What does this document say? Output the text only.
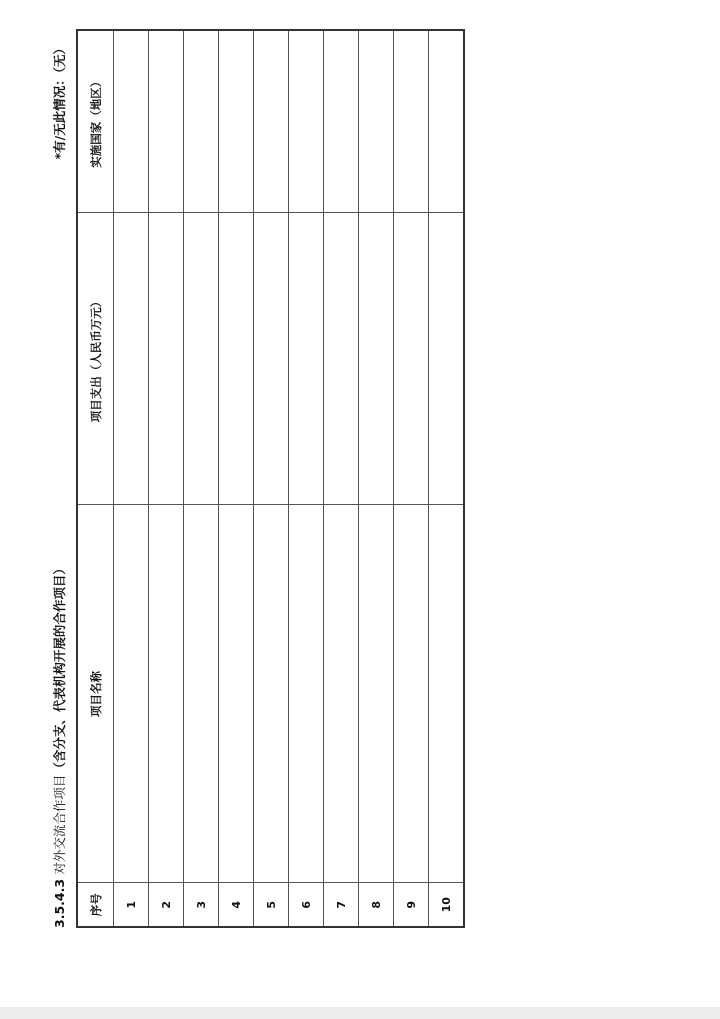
3.5.4.3 对外交流合作项目（含分支、代表机构开展的合作项目）
*有/无此情况：（无）
序号	项目名称	项目支出（人民币万元）	实施国家（地区）
1			
2			
3			
4			
5			
6			
7			
8			
9			
10			
